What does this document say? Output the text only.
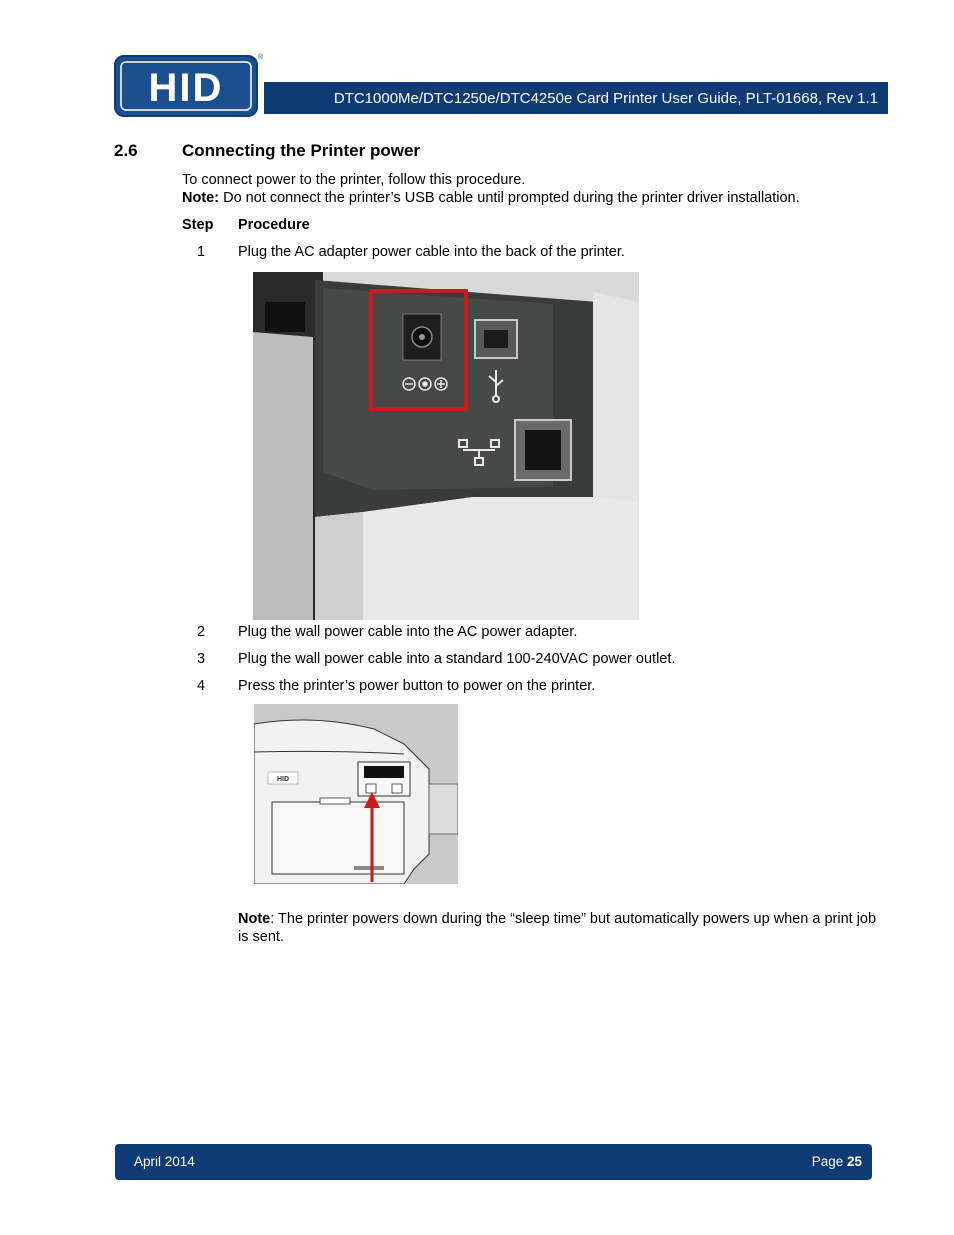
HID
®
DTC1000Me/DTC1250e/DTC4250e Card Printer User Guide, PLT-01668, Rev 1.1
2.6	Connecting the Printer power
To connect power to the printer, follow this procedure.
Note: Do not connect the printer’s USB cable until prompted during the printer driver installation.
Step Procedure
1	Plug the AC adapter power cable into the back of the printer.
2	Plug the wall power cable into the AC power adapter.
3	Plug the wall power cable into a standard 100-240VAC power outlet.
4	Press the printer’s power button to power on the printer.
HID
Note: The printer powers down during the “sleep time” but automatically powers up when a print job is sent.
April 2014	Page 25
